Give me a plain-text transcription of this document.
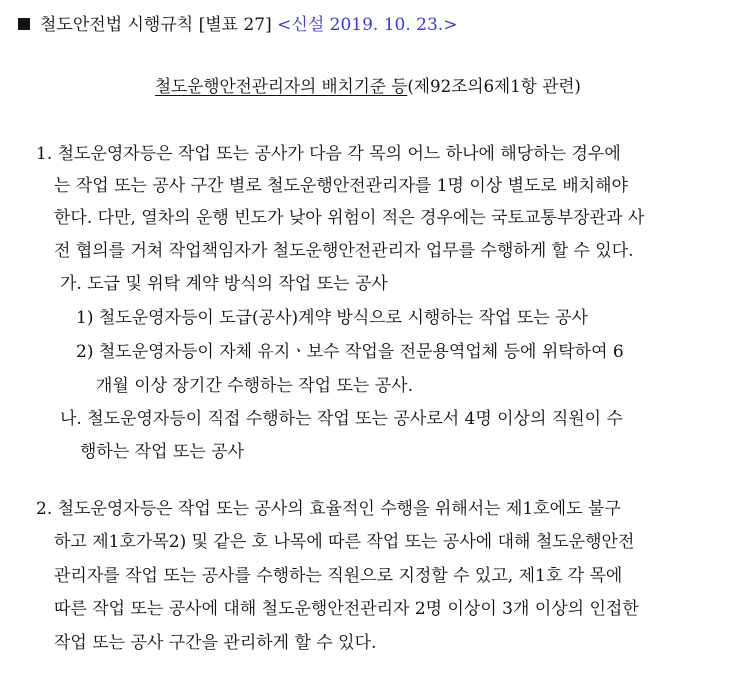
철도안전법 시행규칙 [별표 27] <신설 2019. 10. 23.>
철도운행안전관리자의 배치기준 등(제92조의6제1항 관련)
1. 철도운영자등은 작업 또는 공사가 다음 각 목의 어느 하나에 해당하는 경우에
는 작업 또는 공사 구간 별로 철도운행안전관리자를 1명 이상 별도로 배치해야
한다. 다만, 열차의 운행 빈도가 낮아 위험이 적은 경우에는 국토교통부장관과 사
전 협의를 거쳐 작업책임자가 철도운행안전관리자 업무를 수행하게 할 수 있다.
가. 도급 및 위탁 계약 방식의 작업 또는 공사
1) 철도운영자등이 도급(공사)계약 방식으로 시행하는 작업 또는 공사
2) 철도운영자등이 자체 유지ㆍ보수 작업을 전문용역업체 등에 위탁하여 6
개월 이상 장기간 수행하는 작업 또는 공사.
나. 철도운영자등이 직접 수행하는 작업 또는 공사로서 4명 이상의 직원이 수
행하는 작업 또는 공사
2. 철도운영자등은 작업 또는 공사의 효율적인 수행을 위해서는 제1호에도 불구
하고 제1호가목2) 및 같은 호 나목에 따른 작업 또는 공사에 대해 철도운행안전
관리자를 작업 또는 공사를 수행하는 직원으로 지정할 수 있고, 제1호 각 목에
따른 작업 또는 공사에 대해 철도운행안전관리자 2명 이상이 3개 이상의 인접한
작업 또는 공사 구간을 관리하게 할 수 있다.
